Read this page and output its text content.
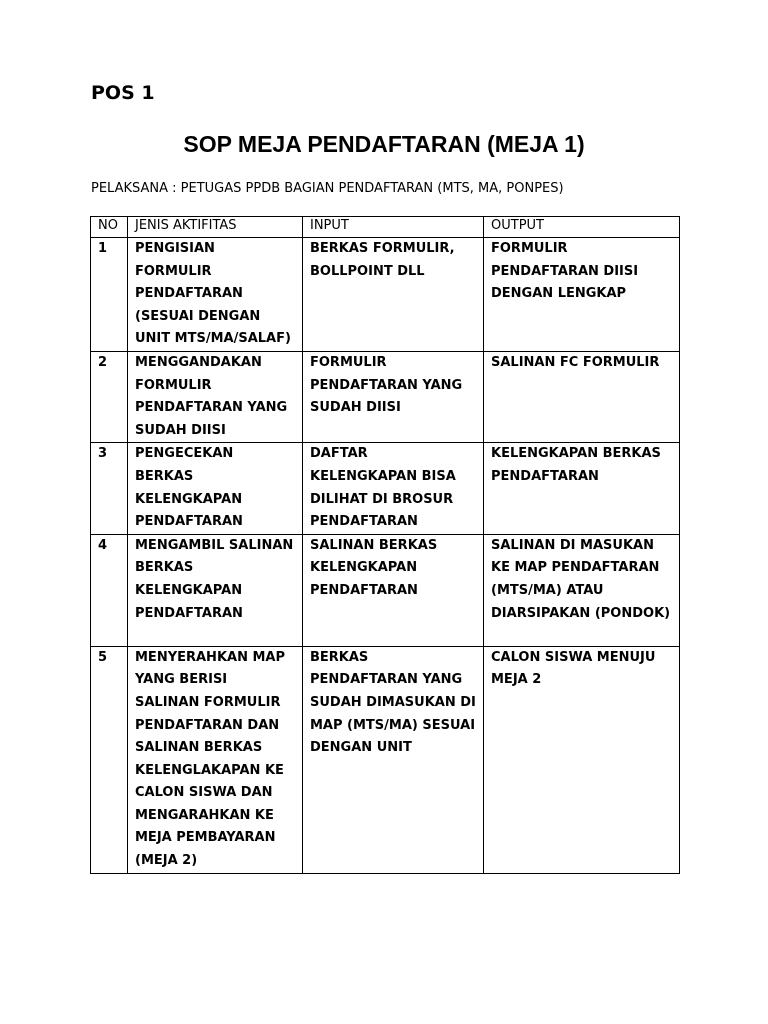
POS 1
SOP MEJA PENDAFTARAN (MEJA 1)

PELAKSANA : PETUGAS PPDB BAGIAN PENDAFTARAN (MTS, MA, PONPES)

NO	JENIS AKTIFITAS	INPUT	OUTPUT
1	PENGISIAN FORMULIR PENDAFTARAN (SESUAI DENGAN UNIT MTS/MA/SALAF)	BERKAS FORMULIR, BOLLPOINT DLL	FORMULIR PENDAFTARAN DIISI DENGAN LENGKAP
2	MENGGANDAKAN FORMULIR PENDAFTARAN YANG SUDAH DIISI	FORMULIR PENDAFTARAN YANG SUDAH DIISI	SALINAN FC FORMULIR
3	PENGECEKAN BERKAS KELENGKAPAN PENDAFTARAN	DAFTAR KELENGKAPAN BISA DILIHAT DI BROSUR PENDAFTARAN	KELENGKAPAN BERKAS PENDAFTARAN
4	MENGAMBIL SALINAN BERKAS KELENGKAPAN PENDAFTARAN	SALINAN BERKAS KELENGKAPAN PENDAFTARAN	SALINAN DI MASUKAN KE MAP PENDAFTARAN (MTS/MA) ATAU DIARSIPAKAN (PONDOK)
5	MENYERAHKAN MAP YANG BERISI SALINAN FORMULIR PENDAFTARAN DAN SALINAN BERKAS KELENGLAKAPAN KE CALON SISWA DAN MENGARAHKAN KE MEJA PEMBAYARAN (MEJA 2)	BERKAS PENDAFTARAN YANG SUDAH DIMASUKAN DI MAP (MTS/MA) SESUAI DENGAN UNIT	CALON SISWA MENUJU MEJA 2
